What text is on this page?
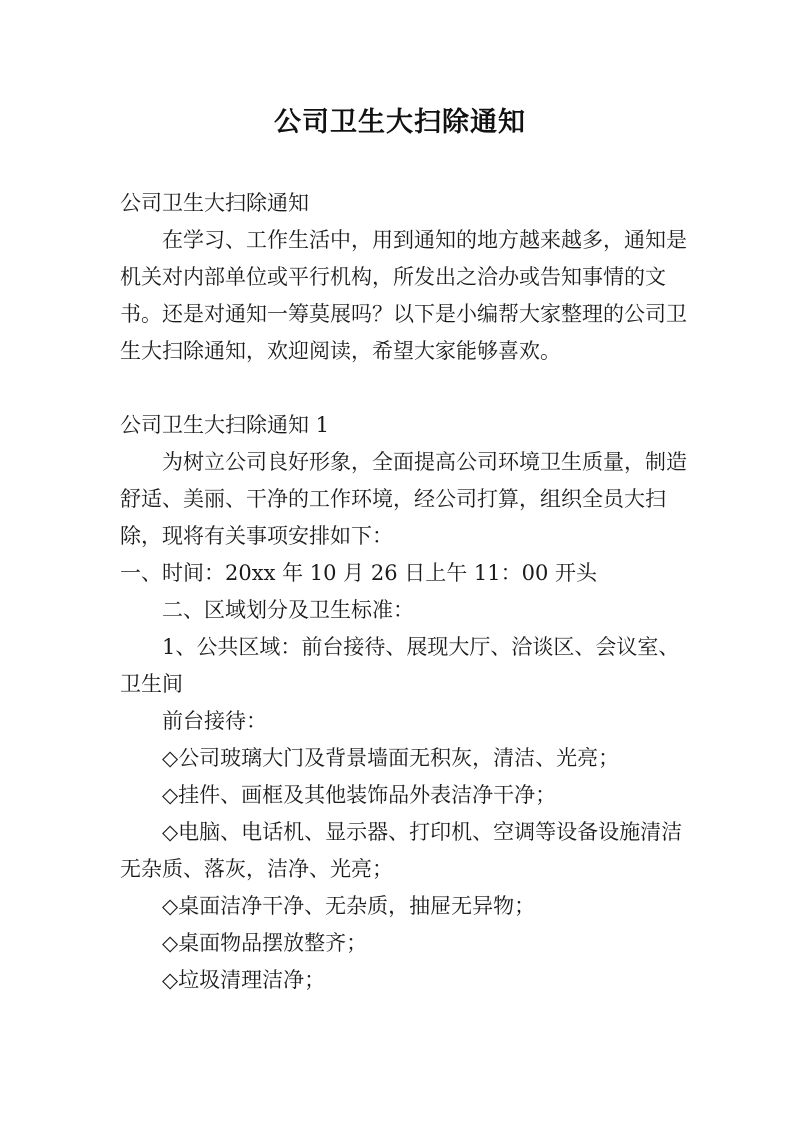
公司卫生大扫除通知

公司卫生大扫除通知

在学习、工作生活中，用到通知的地方越来越多，通知是机关对内部单位或平行机构，所发出之洽办或告知事情的文书。还是对通知一筹莫展吗？以下是小编帮大家整理的公司卫生大扫除通知，欢迎阅读，希望大家能够喜欢。

公司卫生大扫除通知 1

为树立公司良好形象，全面提高公司环境卫生质量，制造舒适、美丽、干净的工作环境，经公司打算，组织全员大扫除，现将有关事项安排如下：

一、时间：20xx 年 10 月 26 日上午 11：00 开头

二、区域划分及卫生标准：

1、公共区域：前台接待、展现大厅、洽谈区、会议室、卫生间

前台接待：

◇公司玻璃大门及背景墙面无积灰，清洁、光亮；

◇挂件、画框及其他装饰品外表洁净干净；

◇电脑、电话机、显示器、打印机、空调等设备设施清洁无杂质、落灰，洁净、光亮；

◇桌面洁净干净、无杂质，抽屉无异物；

◇桌面物品摆放整齐；

◇垃圾清理洁净；
